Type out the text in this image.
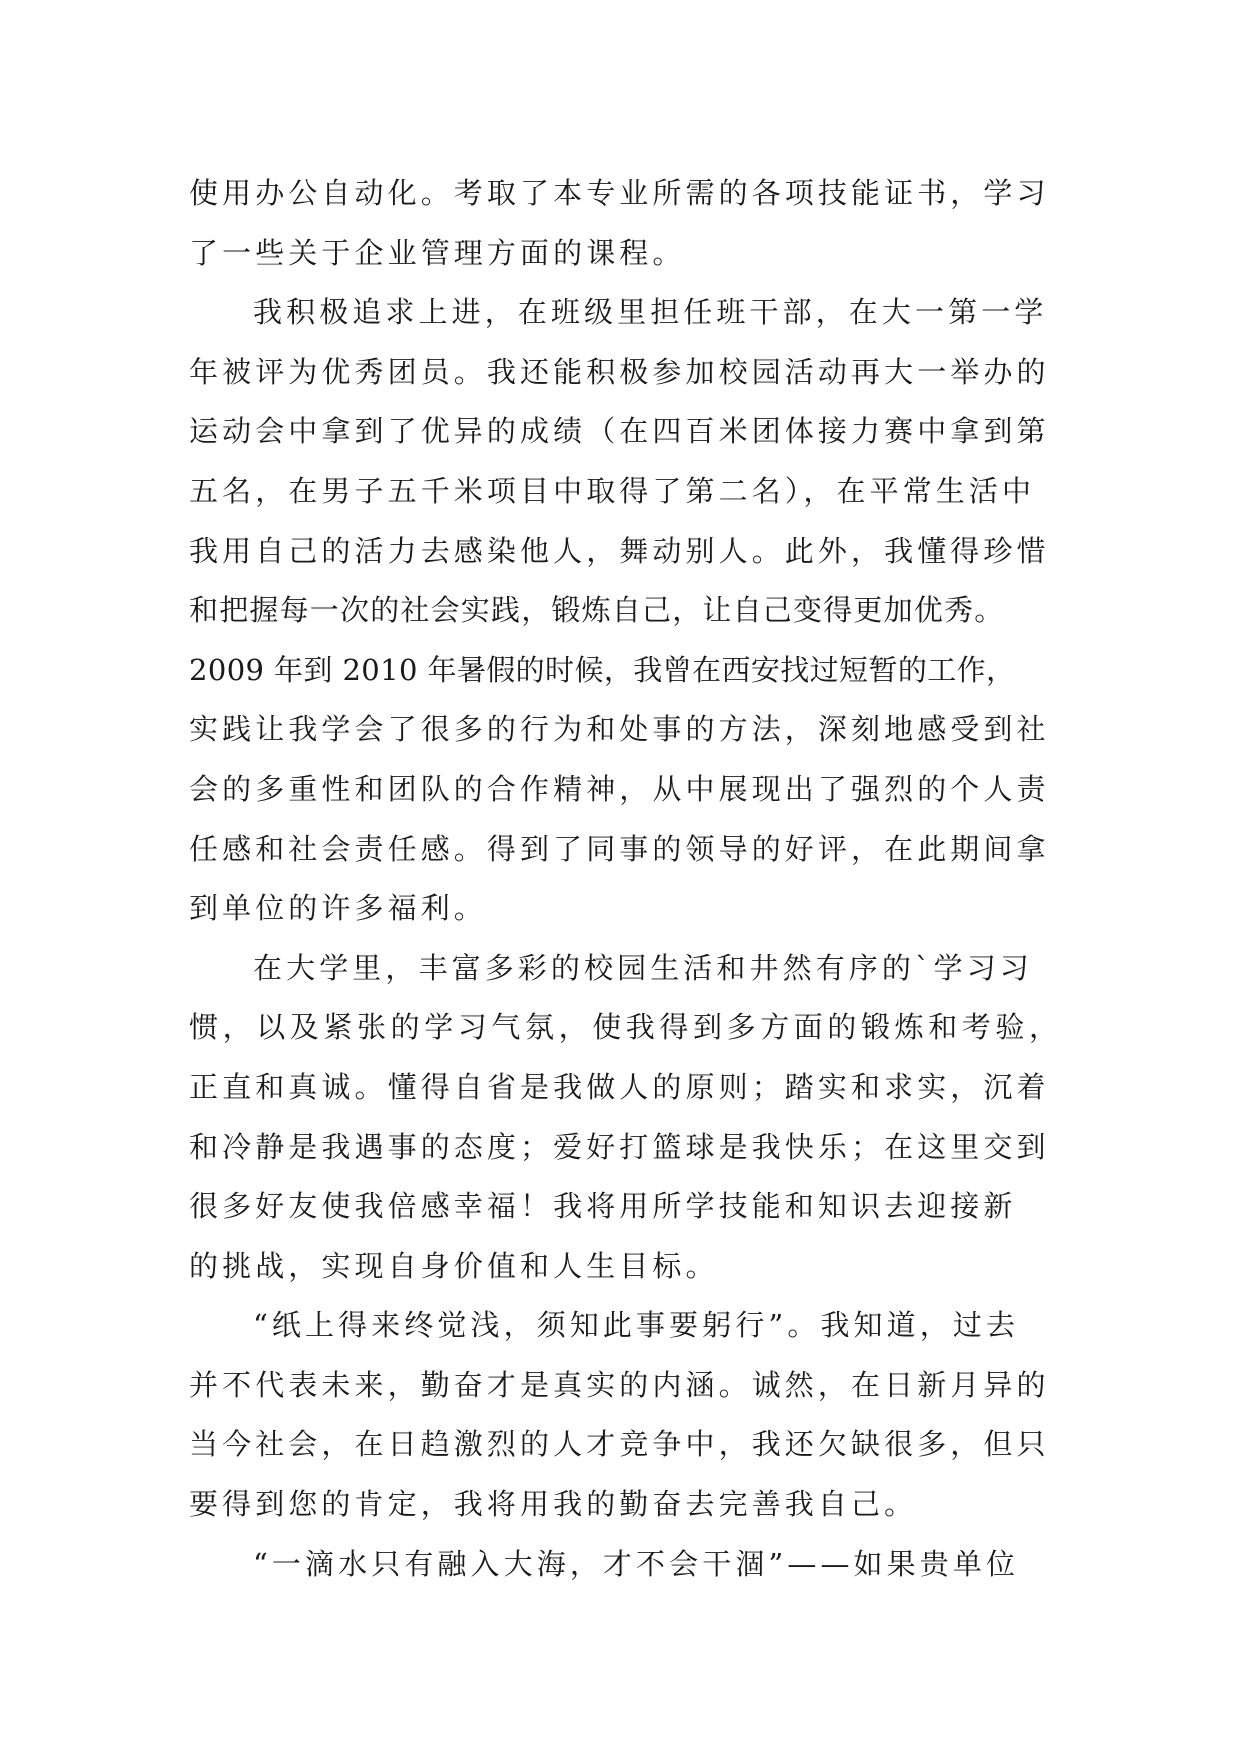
使用办公自动化。考取了本专业所需的各项技能证书，学习
了一些关于企业管理方面的课程。
我积极追求上进，在班级里担任班干部，在大一第一学
年被评为优秀团员。我还能积极参加校园活动再大一举办的
运动会中拿到了优异的成绩（在四百米团体接力赛中拿到第
五名，在男子五千米项目中取得了第二名），在平常生活中
我用自己的活力去感染他人，舞动别人。此外，我懂得珍惜
和把握每一次的社会实践，锻炼自己，让自己变得更加优秀。
2009 年到 2010 年暑假的时候，我曾在西安找过短暂的工作，
实践让我学会了很多的行为和处事的方法，深刻地感受到社
会的多重性和团队的合作精神，从中展现出了强烈的个人责
任感和社会责任感。得到了同事的领导的好评，在此期间拿
到单位的许多福利。
在大学里，丰富多彩的校园生活和井然有序的`学习习
惯，以及紧张的学习气氛，使我得到多方面的锻炼和考验，
正直和真诚。懂得自省是我做人的原则；踏实和求实，沉着
和冷静是我遇事的态度；爱好打篮球是我快乐；在这里交到
很多好友使我倍感幸福！我将用所学技能和知识去迎接新
的挑战，实现自身价值和人生目标。
“纸上得来终觉浅，须知此事要躬行”。我知道，过去
并不代表未来，勤奋才是真实的内涵。诚然，在日新月异的
当今社会，在日趋激烈的人才竞争中，我还欠缺很多，但只
要得到您的肯定，我将用我的勤奋去完善我自己。
“一滴水只有融入大海，才不会干涸”——如果贵单位
